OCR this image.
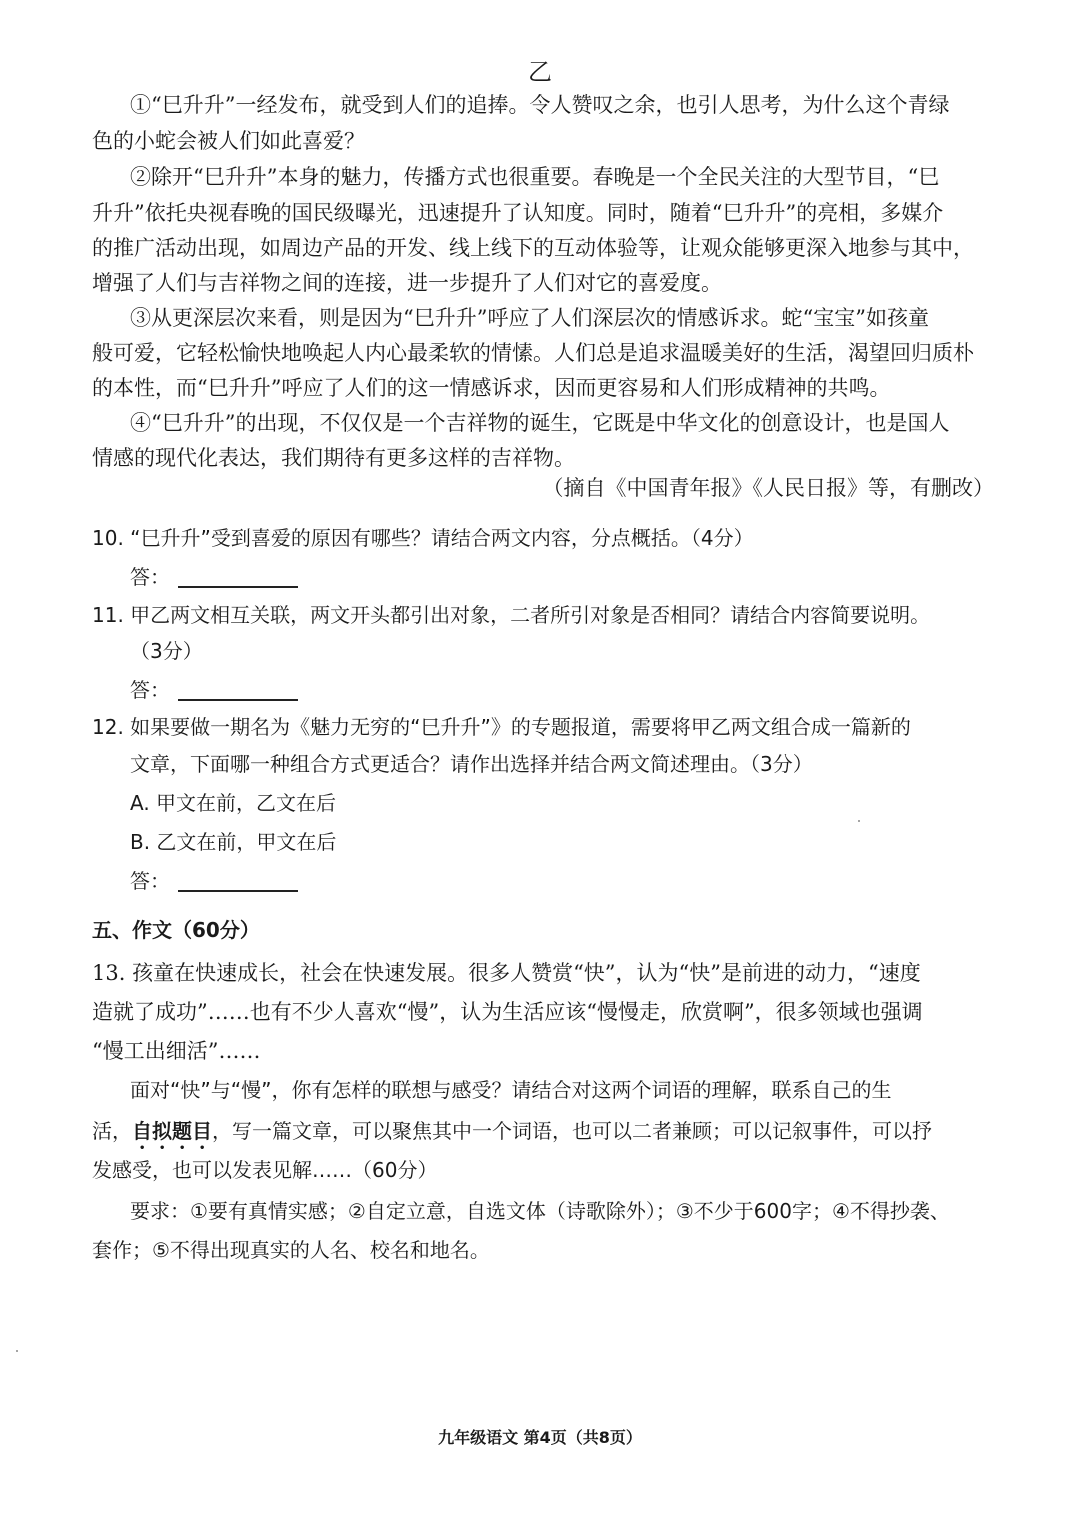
乙
①“巳升升”一经发布，就受到人们的追捧。令人赞叹之余，也引人思考，为什么这个青绿
色的小蛇会被人们如此喜爱？
②除开“巳升升”本身的魅力，传播方式也很重要。春晚是一个全民关注的大型节目，“巳
升升”依托央视春晚的国民级曝光，迅速提升了认知度。同时，随着“巳升升”的亮相，多媒介
的推广活动出现，如周边产品的开发、线上线下的互动体验等，让观众能够更深入地参与其中，
增强了人们与吉祥物之间的连接，进一步提升了人们对它的喜爱度。
③从更深层次来看，则是因为“巳升升”呼应了人们深层次的情感诉求。蛇“宝宝”如孩童
般可爱，它轻松愉快地唤起人内心最柔软的情愫。人们总是追求温暖美好的生活，渴望回归质朴
的本性，而“巳升升”呼应了人们的这一情感诉求，因而更容易和人们形成精神的共鸣。
④“巳升升”的出现，不仅仅是一个吉祥物的诞生，它既是中华文化的创意设计，也是国人
情感的现代化表达，我们期待有更多这样的吉祥物。
（摘自《中国青年报》《人民日报》等，有删改）
10. “巳升升”受到喜爱的原因有哪些？请结合两文内容，分点概括。（4分）
答：
11. 甲乙两文相互关联，两文开头都引出对象，二者所引对象是否相同？请结合内容简要说明。
（3分）
答：
12. 如果要做一期名为《魅力无穷的“巳升升”》的专题报道，需要将甲乙两文组合成一篇新的
文章，下面哪一种组合方式更适合？请作出选择并结合两文简述理由。（3分）
A. 甲文在前，乙文在后
B. 乙文在前，甲文在后
答：
五、作文（60分）
13. 孩童在快速成长，社会在快速发展。很多人赞赏“快”，认为“快”是前进的动力，“速度
造就了成功”……也有不少人喜欢“慢”，认为生活应该“慢慢走，欣赏啊”，很多领域也强调
“慢工出细活”……
面对“快”与“慢”，你有怎样的联想与感受？请结合对这两个词语的理解，联系自己的生
活，自拟题目，写一篇文章，可以聚焦其中一个词语，也可以二者兼顾；可以记叙事件，可以抒
发感受，也可以发表见解……（60分）
要求：①要有真情实感；②自定立意，自选文体（诗歌除外）；③不少于600字；④不得抄袭、
套作；⑤不得出现真实的人名、校名和地名。
九年级语文 第4页（共8页）
